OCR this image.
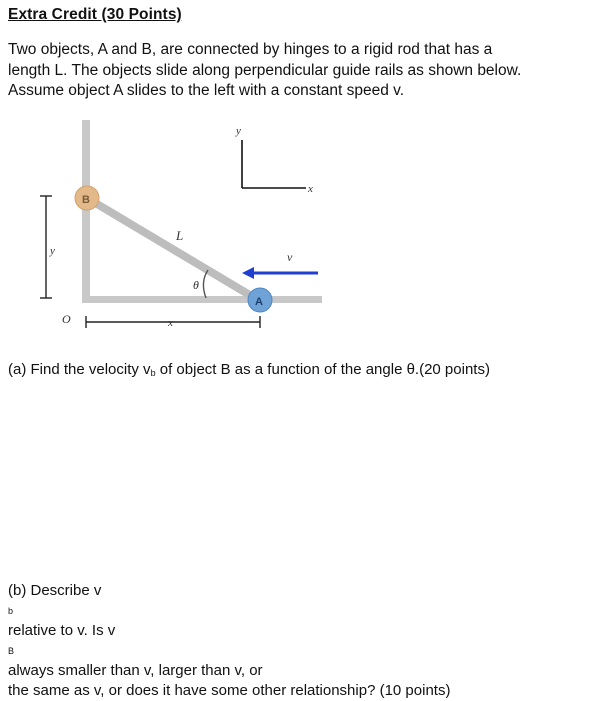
Extra Credit (30 Points)
Two objects, A and B, are connected by hinges to a rigid rod that has a
length L. The objects slide along perpendicular guide rails as shown below.
Assume object A slides to the left with a constant speed v.
θ
L
B
A
v
y
x
O
y
x
(a) Find the velocity $v_b$ of object B as a function of the angle θ.(20 points)
(b) Describe v
b
relative to v. Is v
B
always smaller than v, larger than v, or
the same as v, or does it have some other relationship? (10 points)
